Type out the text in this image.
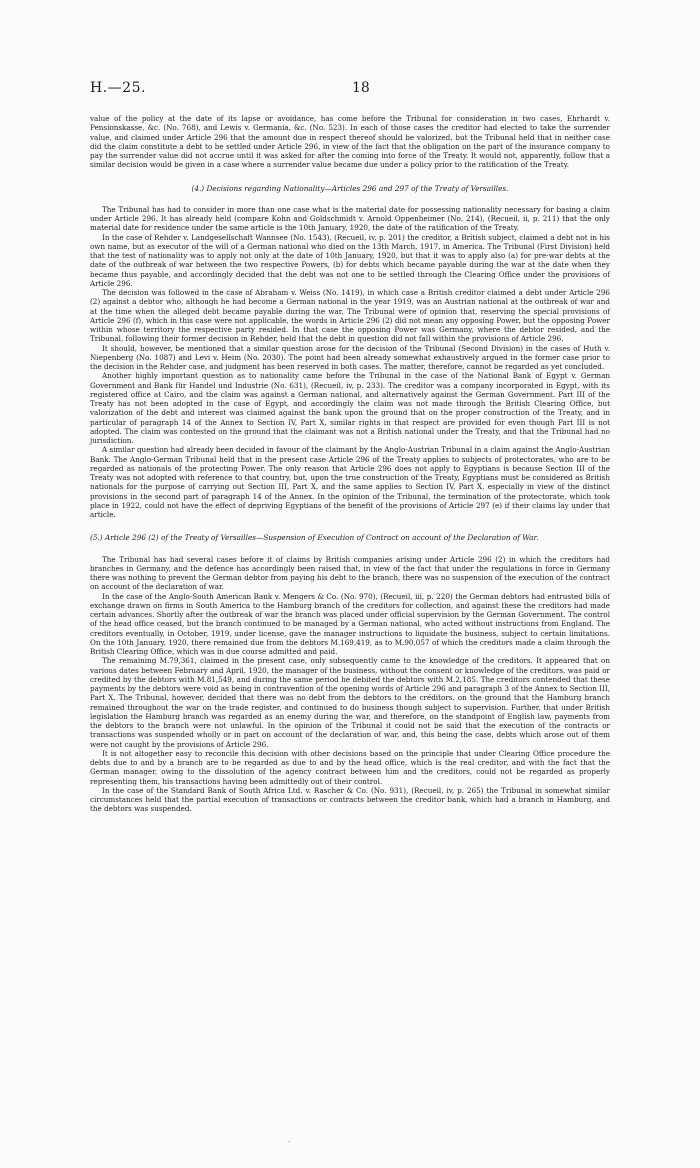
H.—25.	18

value of the policy at the date of its lapse or avoidance, has come before the Tribunal for consideration in two cases, Ehrhardt v. Pensionskasse, &c. (No. 768), and Lewis v. Germania, &c. (No. 523). In each of those cases the creditor had elected to take the surrender value, and claimed under Article 296 that the amount due in respect thereof should be valorized, but the Tribunal held that in neither case did the claim constitute a debt to be settled under Article 296, in view of the fact that the obligation on the part of the insurance company to pay the surrender value did not accrue until it was asked for after the coming into force of the Treaty. It would not, apparently, follow that a similar decision would be given in a case where a surrender value became due under a policy prior to the ratification of the Treaty.

(4.) Decisions regarding Nationality—Articles 296 and 297 of the Treaty of Versailles.

The Tribunal has had to consider in more than one case what is the material date for possessing nationality necessary for basing a claim under Article 296. It has already held (compare Kohn and Goldschmidt v. Arnold Oppenheimer (No. 214), (Recueil, ii, p. 211) that the only material date for residence under the same article is the 10th January, 1920, the date of the ratification of the Treaty.

In the case of Rehder v. Landgesellschaft Wannsee (No. 1543), (Recueil, iv, p. 201) the creditor, a British subject, claimed a debt not in his own name, but as executor of the will of a German national who died on the 13th March, 1917, in America. The Tribunal (First Division) held that the test of nationality was to apply not only at the date of 10th January, 1920, but that it was to apply also (a) for pre-war debts at the date of the outbreak of war between the two respective Powers, (b) for debts which became payable during the war at the date when they became thus payable, and accordingly decided that the debt was not one to be settled through the Clearing Office under the provisions of Article 296.

The decision was followed in the case of Abraham v. Weiss (No. 1419), in which case a British creditor claimed a debt under Article 296 (2) against a debtor who, although he had become a German national in the year 1919, was an Austrian national at the outbreak of war and at the time when the alleged debt became payable during the war. The Tribunal were of opinion that, reserving the special provisions of Article 296 (f), which in this case were not applicable, the words in Article 296 (2) did not mean any opposing Power, but the opposing Power within whose territory the respective party resided. In that case the opposing Power was Germany, where the debtor resided, and the Tribunal, following their former decision in Rehder, held that the debt in question did not fall within the provisions of Article 296.

It should, however, be mentioned that a similar question arose for the decision of the Tribunal (Second Division) in the cases of Huth v. Niepenberg (No. 1087) and Levi v. Heim (No. 2030). The point had been already somewhat exhaustively argued in the former case prior to the decision in the Rehder case, and judgment has been reserved in both cases. The matter, therefore, cannot be regarded as yet concluded.

Another highly important question as to nationality came before the Tribunal in the case of the National Bank of Egypt v. German Government and Bank für Handel und Industrie (No. 631), (Recueil, iv, p. 233). The creditor was a company incorporated in Egypt, with its registered office at Cairo, and the claim was against a German national, and alternatively against the German Government. Part III of the Treaty has not been adopted in the case of Egypt, and accordingly the claim was not made through the British Clearing Office, but valorization of the debt and interest was claimed against the bank upon the ground that on the proper construction of the Treaty, and in particular of paragraph 14 of the Annex to Section IV, Part X, similar rights in that respect are provided for even though Part III is not adopted. The claim was contested on the ground that the claimant was not a British national under the Treaty, and that the Tribunal had no jurisdiction.

A similar question had already been decided in favour of the claimant by the Anglo-Austrian Tribunal in a claim against the Anglo-Austrian Bank. The Anglo-German Tribunal held that in the present case Article 296 of the Treaty applies to subjects of protectorates, who are to be regarded as nationals of the protecting Power. The only reason that Article 296 does not apply to Egyptians is because Section III of the Treaty was not adopted with reference to that country, but, upon the true construction of the Treaty, Egyptians must be considered as British nationals for the purpose of carrying out Section III, Part X, and the same applies to Section IV, Part X, especially in view of the distinct provisions in the second part of paragraph 14 of the Annex. In the opinion of the Tribunal, the termination of the protectorate, which took place in 1922, could not have the effect of depriving Egyptians of the benefit of the provisions of Article 297 (e) if their claims lay under that article.

(5.) Article 296 (2) of the Treaty of Versailles—Suspension of Execution of Contract on account of the Declaration of War.

The Tribunal has had several cases before it of claims by British companies arising under Article 296 (2) in which the creditors had branches in Germany, and the defence has accordingly been raised that, in view of the fact that under the regulations in force in Germany there was nothing to prevent the German debtor from paying his debt to the branch, there was no suspension of the execution of the contract on account of the declaration of war.

In the case of the Anglo-South American Bank v. Mengers & Co. (No. 970), (Recueil, iii, p. 220) the German debtors had entrusted bills of exchange drawn on firms in South America to the Hamburg branch of the creditors for collection, and against these the creditors had made certain advances. Shortly after the outbreak of war the branch was placed under official supervision by the German Government. The control of the head office ceased, but the branch continued to be managed by a German national, who acted without instructions from England. The creditors eventually, in October, 1919, under license, gave the manager instructions to liquidate the business, subject to certain limitations. On the 10th January, 1920, there remained due from the debtors M.169,419, as to M.90,057 of which the creditors made a claim through the British Clearing Office, which was in due course admitted and paid.

The remaining M.79,361, claimed in the present case, only subsequently came to the knowledge of the creditors. It appeared that on various dates between February and April, 1920, the manager of the business, without the consent or knowledge of the creditors, was paid or credited by the debtors with M.81,549, and during the same period he debited the debtors with M.2,185. The creditors contended that these payments by the debtors were void as being in contravention of the opening words of Article 296 and paragraph 3 of the Annex to Section III, Part X. The Tribunal, however, decided that there was no debt from the debtors to the créditors, on the ground that the Hamburg branch remained throughout the war on the trade register, and continued to do business though subject to supervision. Further, that under British legislation the Hamburg branch was regarded as an enemy during the war, and therefore, on the standpoint of English law, payments from the debtors to the branch were not unlawful. In the opinion of the Tribunal it could not be said that the execution of the contracts or transactions was suspended wholly or in part on account of the declaration of war, and, this being the case, debts which arose out of them were not caught by the provisions of Article 296.

It is not altogether easy to reconcile this decision with other decisions based on the principle that under Clearing Office procedure the debts due to and by a branch are to be regarded as due to and by the head office, which is the real creditor, and with the fact that the German manager, owing to the dissolution of the agency contract between him and the creditors, could not be regarded as properly representing them, his transactions having been admittedly out of their control.

In the case of the Standard Bank of South Africa Ltd. v. Rascher & Co. (No. 931), (Recueil, iv, p. 265) the Tribunal in somewhat similar circumstances held that the partial execution of transactions or contracts between the creditor bank, which had a branch in Hamburg, and the debtors was suspended.

·
